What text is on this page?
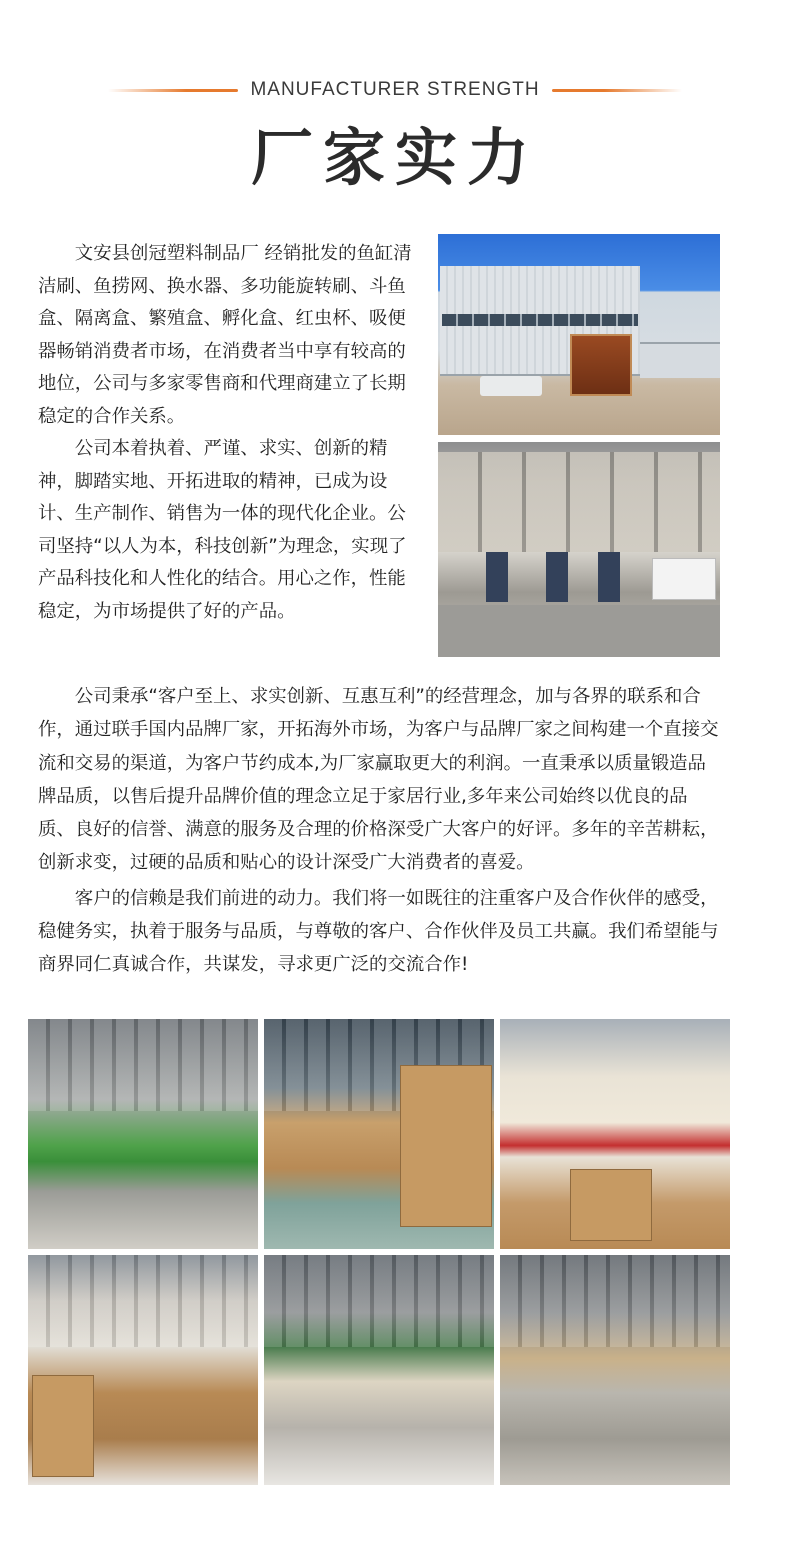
MANUFACTURER STRENGTH
厂家实力

文安县创冠塑料制品厂 经销批发的鱼缸清洁刷、鱼捞网、换水器、多功能旋转刷、斗鱼盒、隔离盒、繁殖盒、孵化盒、红虫杯、吸便器畅销消费者市场，在消费者当中享有较高的地位，公司与多家零售商和代理商建立了长期稳定的合作关系。

公司本着执着、严谨、求实、创新的精神，脚踏实地、开拓进取的精神，已成为设计、生产制作、销售为一体的现代化企业。公司坚持“以人为本，科技创新”为理念，实现了产品科技化和人性化的结合。用心之作，性能稳定，为市场提供了好的产品。

公司秉承“客户至上、求实创新、互惠互利”的经营理念，加与各界的联系和合作，通过联手国内品牌厂家，开拓海外市场，为客户与品牌厂家之间构建一个直接交流和交易的渠道，为客户节约成本,为厂家赢取更大的利润。一直秉承以质量锻造品牌品质，以售后提升品牌价值的理念立足于家居行业,多年来公司始终以优良的品质、良好的信誉、满意的服务及合理的价格深受广大客户的好评。多年的辛苦耕耘，创新求变，过硬的品质和贴心的设计深受广大消费者的喜爱。

客户的信赖是我们前进的动力。我们将一如既往的注重客户及合作伙伴的感受，稳健务实，执着于服务与品质，与尊敬的客户、合作伙伴及员工共赢。我们希望能与商界同仁真诚合作，共谋发，寻求更广泛的交流合作!
